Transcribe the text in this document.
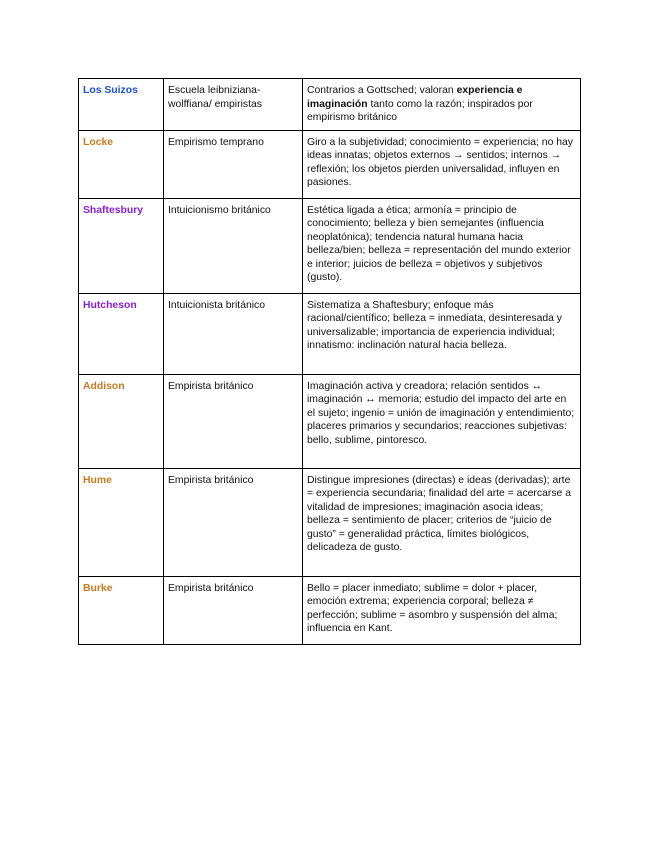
Los Suizos	Escuela leibniziana-wolffiana/ empiristas	Contrarios a Gottsched; valoran experiencia e imaginación tanto como la razón; inspirados por empirismo británico

Locke	Empirismo temprano	Giro a la subjetividad; conocimiento = experiencia; no hay ideas innatas; objetos externos → sentidos; internos → reflexión; los objetos pierden universalidad, influyen en pasiones.

Shaftesbury	Intuicionismo británico	Estética ligada a ética; armonía = principio de conocimiento; belleza y bien semejantes (influencia neoplatónica); tendencia natural humana hacia belleza/bien; belleza = representación del mundo exterior e interior; juicios de belleza = objetivos y subjetivos (gusto).

Hutcheson	Intuicionista británico	Sistematiza a Shaftesbury; enfoque más racional/científico; belleza = inmediata, desinteresada y universalizable; importancia de experiencia individual; innatismo: inclinación natural hacia belleza.

Addison	Empirista británico	Imaginación activa y creadora; relación sentidos ↔ imaginación ↔ memoria; estudio del impacto del arte en el sujeto; ingenio = unión de imaginación y entendimiento; placeres primarios y secundarios; reacciones subjetivas: bello, sublime, pintoresco.

Hume	Empirista británico	Distingue impresiones (directas) e ideas (derivadas); arte = experiencia secundaria; finalidad del arte = acercarse a vitalidad de impresiones; imaginación asocia ideas; belleza = sentimiento de placer; criterios de “juicio de gusto” = generalidad práctica, límites biológicos, delicadeza de gusto.

Burke	Empirista británico	Bello = placer inmediato; sublime = dolor + placer, emoción extrema; experiencia corporal; belleza ≠ perfección; sublime = asombro y suspensión del alma; influencia en Kant.
